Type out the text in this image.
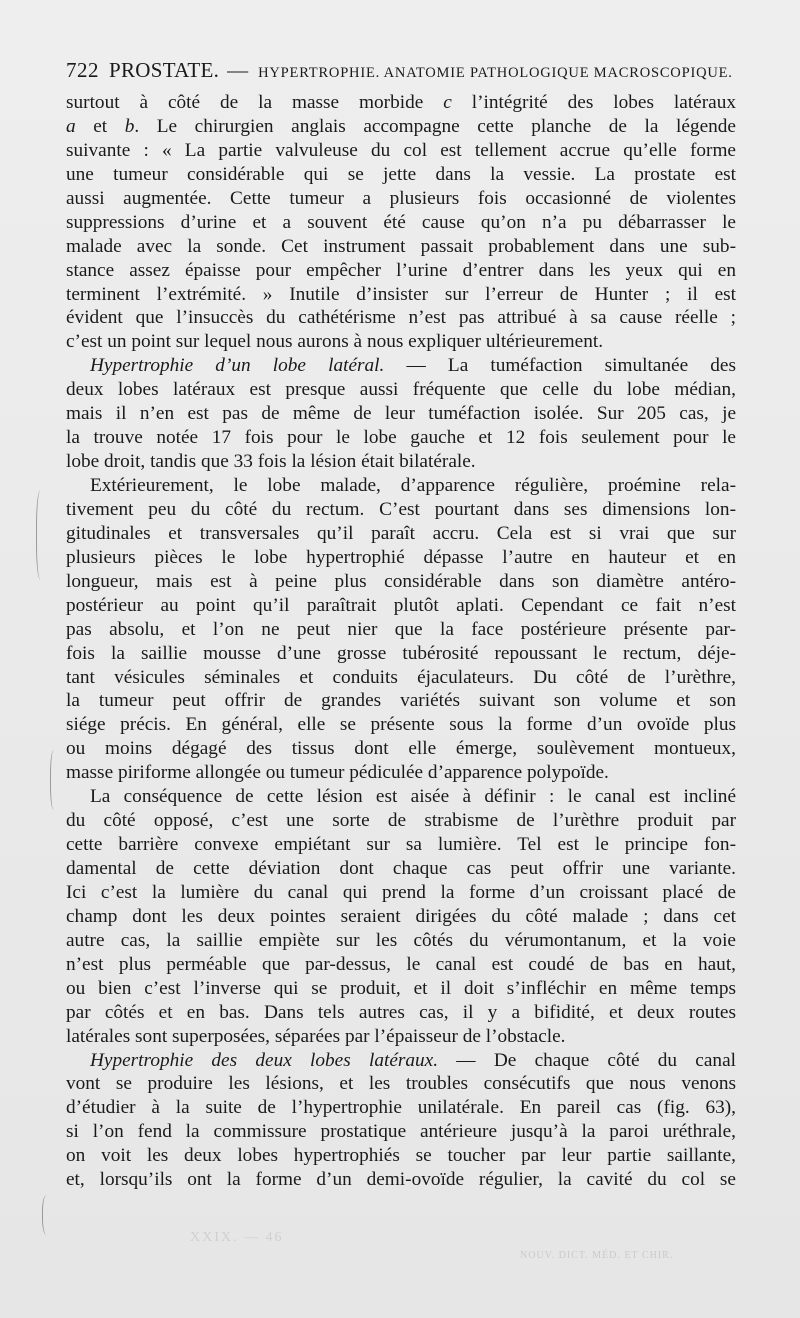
722 PROSTATE. — HYPERTROPHIE. ANATOMIE PATHOLOGIQUE MACROSCOPIQUE.
surtout à côté de la masse morbide c l’intégrité des lobes latéraux
a et b. Le chirurgien anglais accompagne cette planche de la légende
suivante : « La partie valvuleuse du col est tellement accrue qu’elle forme
une tumeur considérable qui se jette dans la vessie. La prostate est
aussi augmentée. Cette tumeur a plusieurs fois occasionné de violentes
suppressions d’urine et a souvent été cause qu’on n’a pu débarrasser le
malade avec la sonde. Cet instrument passait probablement dans une sub-
stance assez épaisse pour empêcher l’urine d’entrer dans les yeux qui en
terminent l’extrémité. » Inutile d’insister sur l’erreur de Hunter ; il est
évident que l’insuccès du cathétérisme n’est pas attribué à sa cause réelle ;
c’est un point sur lequel nous aurons à nous expliquer ultérieurement.
Hypertrophie d’un lobe latéral. — La tuméfaction simultanée des
deux lobes latéraux est presque aussi fréquente que celle du lobe médian,
mais il n’en est pas de même de leur tuméfaction isolée. Sur 205 cas, je
la trouve notée 17 fois pour le lobe gauche et 12 fois seulement pour le
lobe droit, tandis que 33 fois la lésion était bilatérale.
Extérieurement, le lobe malade, d’apparence régulière, proémine rela-
tivement peu du côté du rectum. C’est pourtant dans ses dimensions lon-
gitudinales et transversales qu’il paraît accru. Cela est si vrai que sur
plusieurs pièces le lobe hypertrophié dépasse l’autre en hauteur et en
longueur, mais est à peine plus considérable dans son diamètre antéro-
postérieur au point qu’il paraîtrait plutôt aplati. Cependant ce fait n’est
pas absolu, et l’on ne peut nier que la face postérieure présente par-
fois la saillie mousse d’une grosse tubérosité repoussant le rectum, déje-
tant vésicules séminales et conduits éjaculateurs. Du côté de l’urèthre,
la tumeur peut offrir de grandes variétés suivant son volume et son
siége précis. En général, elle se présente sous la forme d’un ovoïde plus
ou moins dégagé des tissus dont elle émerge, soulèvement montueux,
masse piriforme allongée ou tumeur pédiculée d’apparence polypoïde.
La conséquence de cette lésion est aisée à définir : le canal est incliné
du côté opposé, c’est une sorte de strabisme de l’urèthre produit par
cette barrière convexe empiétant sur sa lumière. Tel est le principe fon-
damental de cette déviation dont chaque cas peut offrir une variante.
Ici c’est la lumière du canal qui prend la forme d’un croissant placé de
champ dont les deux pointes seraient dirigées du côté malade ; dans cet
autre cas, la saillie empiète sur les côtés du vérumontanum, et la voie
n’est plus perméable que par-dessus, le canal est coudé de bas en haut,
ou bien c’est l’inverse qui se produit, et il doit s’infléchir en même temps
par côtés et en bas. Dans tels autres cas, il y a bifidité, et deux routes
latérales sont superposées, séparées par l’épaisseur de l’obstacle.
Hypertrophie des deux lobes latéraux. — De chaque côté du canal
vont se produire les lésions, et les troubles consécutifs que nous venons
d’étudier à la suite de l’hypertrophie unilatérale. En pareil cas (fig. 63),
si l’on fend la commissure prostatique antérieure jusqu’à la paroi uréthrale,
on voit les deux lobes hypertrophiés se toucher par leur partie saillante,
et, lorsqu’ils ont la forme d’un demi-ovoïde régulier, la cavité du col se
XXIX. — 46
NOUV. DICT. MÉD. ET CHIR.
